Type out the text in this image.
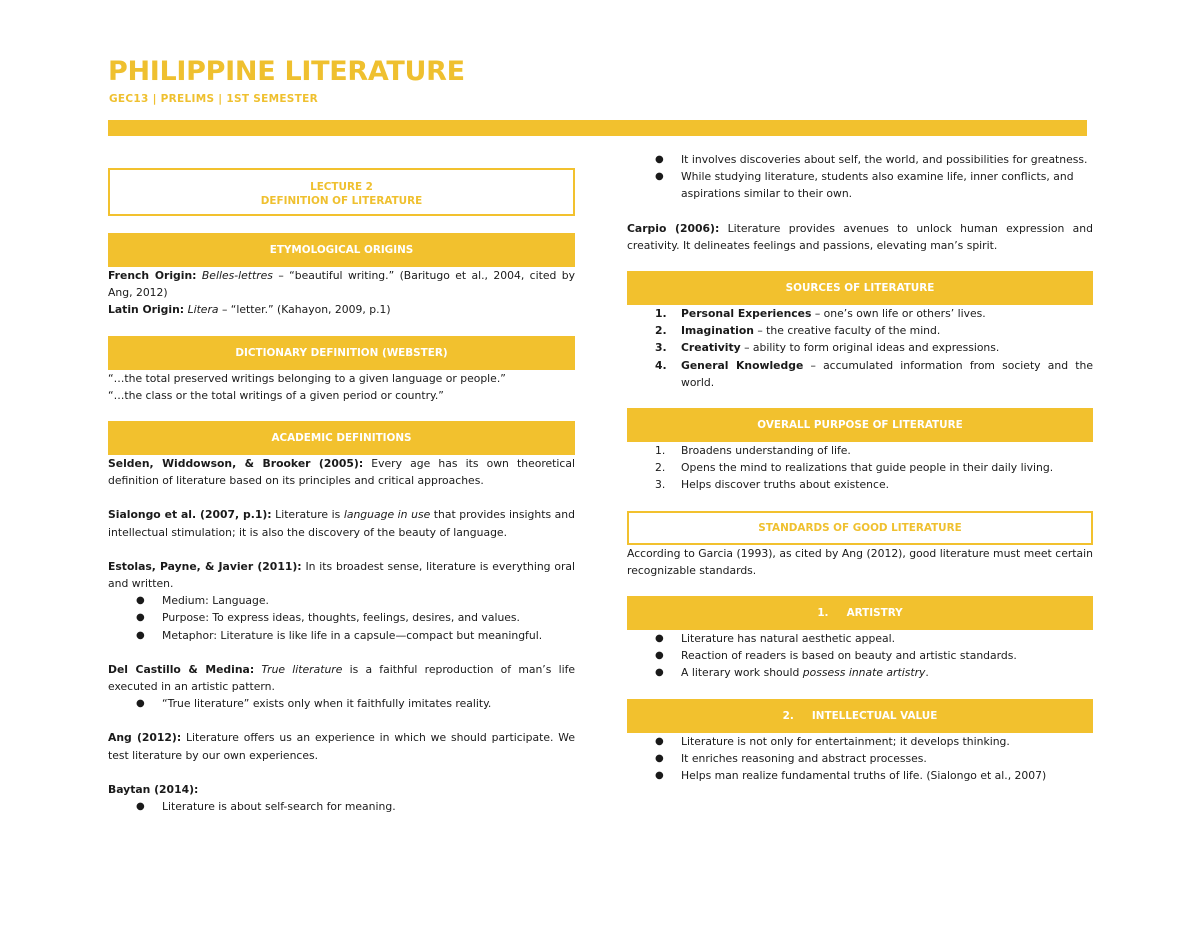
PHILIPPINE LITERATURE
GEC13 | PRELIMS | 1ST SEMESTER
LECTURE 2
DEFINITION OF LITERATURE
ETYMOLOGICAL ORIGINS

French Origin: Belles-lettres – “beautiful writing.” (Baritugo et al., 2004, cited by Ang, 2012)

Latin Origin: Litera – “letter.” (Kahayon, 2009, p.1)

DICTIONARY DEFINITION (WEBSTER)

“…the total preserved writings belonging to a given language or people.”

“…the class or the total writings of a given period or country.”

ACADEMIC DEFINITIONS

Selden, Widdowson, & Brooker (2005): Every age has its own theoretical definition of literature based on its principles and critical approaches.

Sialongo et al. (2007, p.1): Literature is language in use that provides insights and intellectual stimulation; it is also the discovery of the beauty of language.

Estolas, Payne, & Javier (2011): In its broadest sense, literature is everything oral and written.

● Medium: Language.
● Purpose: To express ideas, thoughts, feelings, desires, and values.
● Metaphor: Literature is like life in a capsule—compact but meaningful.

Del Castillo & Medina: True literature is a faithful reproduction of man’s life executed in an artistic pattern.

● “True literature” exists only when it faithfully imitates reality.

Ang (2012): Literature offers us an experience in which we should participate. We test literature by our own experiences.

Baytan (2014):

● Literature is about self-search for meaning.
● It involves discoveries about self, the world, and possibilities for greatness.
● While studying literature, students also examine life, inner conflicts, and aspirations similar to their own.

Carpio (2006): Literature provides avenues to unlock human expression and creativity. It delineates feelings and passions, elevating man’s spirit.

SOURCES OF LITERATURE
1. Personal Experiences – one’s own life or others’ lives.
2. Imagination – the creative faculty of the mind.
3. Creativity – ability to form original ideas and expressions.
4. General Knowledge – accumulated information from society and the world.
OVERALL PURPOSE OF LITERATURE
1. Broadens understanding of life.
2. Opens the mind to realizations that guide people in their daily living.
3. Helps discover truths about existence.
STANDARDS OF GOOD LITERATURE

According to Garcia (1993), as cited by Ang (2012), good literature must meet certain recognizable standards.

1.     ARTISTRY
● Literature has natural aesthetic appeal.
● Reaction of readers is based on beauty and artistic standards.
● A literary work should possess innate artistry.
2.     INTELLECTUAL VALUE
● Literature is not only for entertainment; it develops thinking.
● It enriches reasoning and abstract processes.
● Helps man realize fundamental truths of life. (Sialongo et al., 2007)
